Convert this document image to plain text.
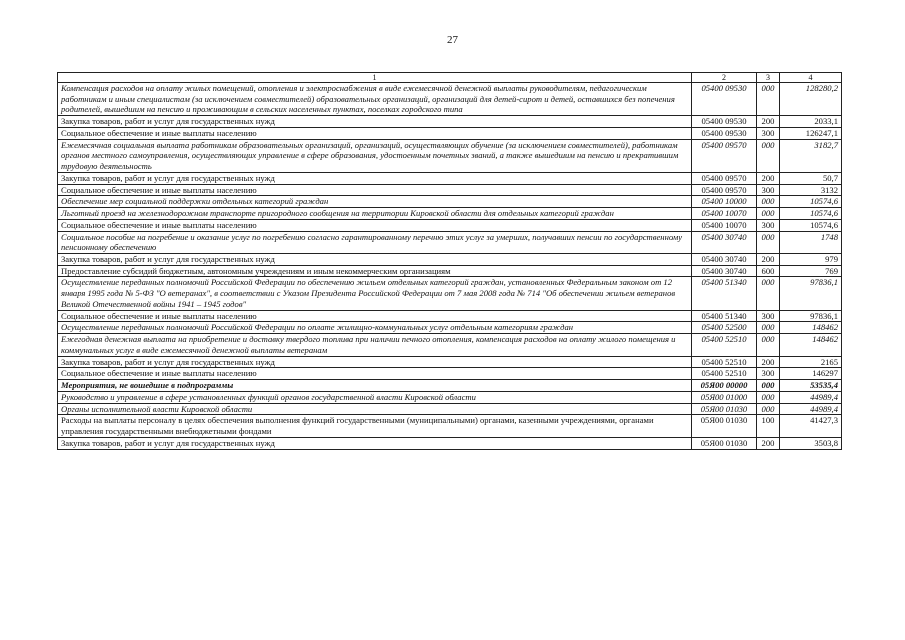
27
1	2	3	4
Компенсация расходов на оплату жилых помещений, отопления и электроснабжения в виде ежемесячной денежной выплаты руководителям, педагогическим работникам и иным специалистам (за исключением совместителей) образовательных организаций, организаций для детей-сирот и детей, оставшихся без попечения родителей, вышедшим на пенсию и проживающим в сельских населенных пунктах, поселках городского типа	05400 09530	000	128280,2
Закупка товаров, работ и услуг для государственных нужд	05400 09530	200	2033,1
Социальное обеспечение и иные выплаты населению	05400 09530	300	126247,1
Ежемесячная социальная выплата работникам образовательных организаций, организаций, осуществляющих обучение (за исключением совместителей), работникам органов местного самоуправления, осуществляющих управление в сфере образования, удостоенным почетных званий, а также вышедшим на пенсию и прекратившим трудовую деятельность	05400 09570	000	3182,7
Закупка товаров, работ и услуг для государственных нужд	05400 09570	200	50,7
Социальное обеспечение и иные выплаты населению	05400 09570	300	3132
Обеспечение мер социальной поддержки отдельных категорий граждан	05400 10000	000	10574,6
Льготный проезд на железнодорожном транспорте пригородного сообщения на территории Кировской области для отдельных категорий граждан	05400 10070	000	10574,6
Социальное обеспечение и иные выплаты населению	05400 10070	300	10574,6
Социальное пособие на погребение и оказание услуг по погребению согласно гарантированному перечню этих услуг за умерших, получавших пенсии по государственному пенсионному обеспечению	05400 30740	000	1748
Закупка товаров, работ и услуг для государственных нужд	05400 30740	200	979
Предоставление субсидий бюджетным, автономным учреждениям и иным некоммерческим организациям	05400 30740	600	769
Осуществление переданных полномочий Российской Федерации по обеспечению жильем отдельных категорий граждан, установленных Федеральным законом от 12 января 1995 года № 5-ФЗ "О ветеранах", в соответствии с Указом Президента Российской Федерации от 7 мая 2008 года № 714 "Об обеспечении жильем ветеранов Великой Отечественной войны 1941 – 1945 годов"	05400 51340	000	97836,1
Социальное обеспечение и иные выплаты населению	05400 51340	300	97836,1
Осуществление переданных полномочий Российской Федерации по оплате жилищно-коммунальных услуг отдельным категориям граждан	05400 52500	000	148462
Ежегодная денежная выплата на приобретение и доставку твердого топлива при наличии печного отопления, компенсация расходов на оплату жилого помещения и коммунальных услуг в виде ежемесячной денежной выплаты ветеранам	05400 52510	000	148462
Закупка товаров, работ и услуг для государственных нужд	05400 52510	200	2165
Социальное обеспечение и иные выплаты населению	05400 52510	300	146297
Мероприятия, не вошедшие в подпрограммы	05Я00 00000	000	53535,4
Руководство и управление в сфере установленных функций органов государственной власти Кировской области	05Я00 01000	000	44989,4
Органы исполнительной власти Кировской области	05Я00 01030	000	44989,4
Расходы на выплаты персоналу в целях обеспечения выполнения функций государственными (муниципальными) органами, казенными учреждениями, органами управления государственными внебюджетными фондами	05Я00 01030	100	41427,3
Закупка товаров, работ и услуг для государственных нужд	05Я00 01030	200	3503,8
